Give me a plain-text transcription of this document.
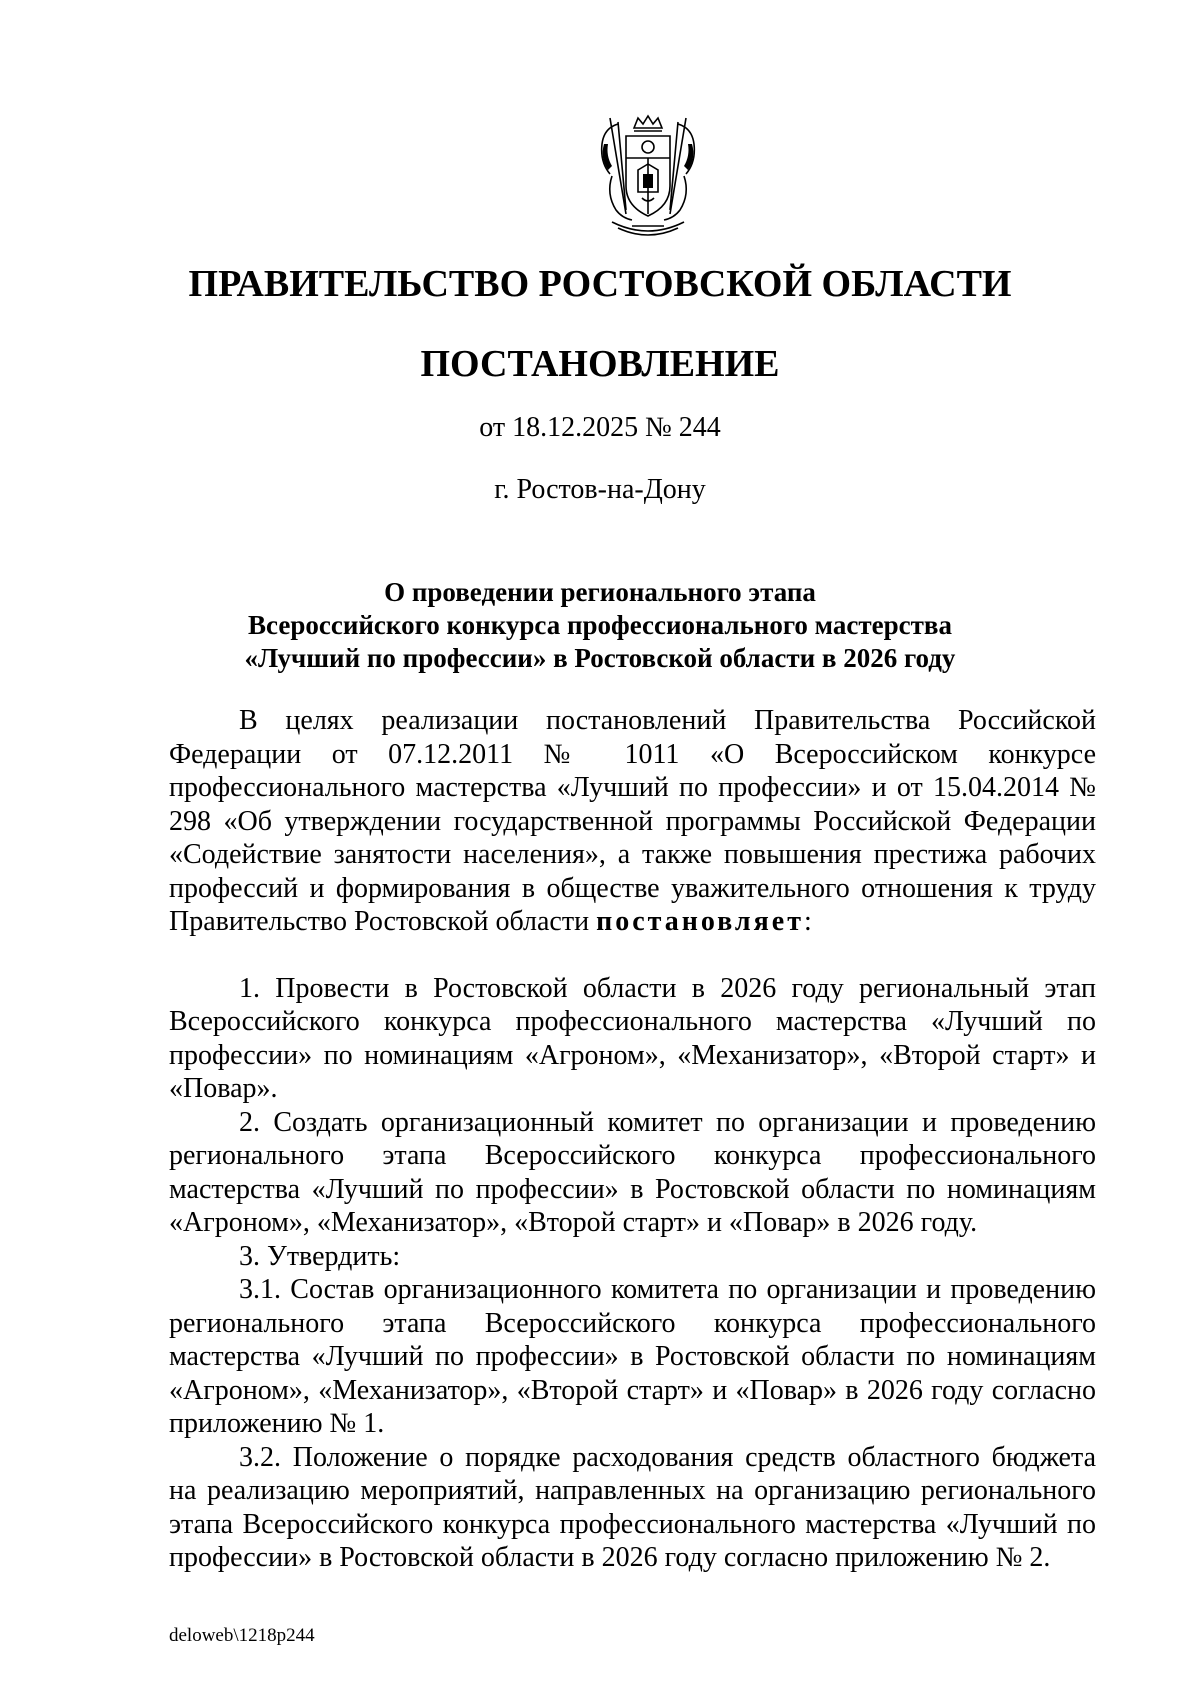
ПРАВИТЕЛЬСТВО РОСТОВСКОЙ ОБЛАСТИ
ПОСТАНОВЛЕНИЕ
от 18.12.2025 № 244
г. Ростов-на-Дону
О проведении регионального этапа
Всероссийского конкурса профессионального мастерства
«Лучший по профессии» в Ростовской области в 2026 году

В целях реализации постановлений Правительства Российской Федерации от 07.12.2011 № 1011 «О Всероссийском конкурсе профессионального мастерства «Лучший по профессии» и от 15.04.2014 № 298 «Об утверждении государственной программы Российской Федерации «Содействие занятости населения», а также повышения престижа рабочих профессий и формирования в обществе уважительного отношения к труду Правительство Ростовской области постановляет:

1. Провести в Ростовской области в 2026 году региональный этап Всероссийского конкурса профессионального мастерства «Лучший по профессии» по номинациям «Агроном», «Механизатор», «Второй старт» и «Повар».

2. Создать организационный комитет по организации и проведению регионального этапа Всероссийского конкурса профессионального мастерства «Лучший по профессии» в Ростовской области по номинациям «Агроном», «Механизатор», «Второй старт» и «Повар» в 2026 году.

3. Утвердить:

3.1. Состав организационного комитета по организации и проведению регионального этапа Всероссийского конкурса профессионального мастерства «Лучший по профессии» в Ростовской области по номинациям «Агроном», «Механизатор», «Второй старт» и «Повар» в 2026 году согласно приложению № 1.

3.2. Положение о порядке расходования средств областного бюджета на реализацию мероприятий, направленных на организацию регионального этапа Всероссийского конкурса профессионального мастерства «Лучший по профессии» в Ростовской области в 2026 году согласно приложению № 2.

deloweb\1218p244
